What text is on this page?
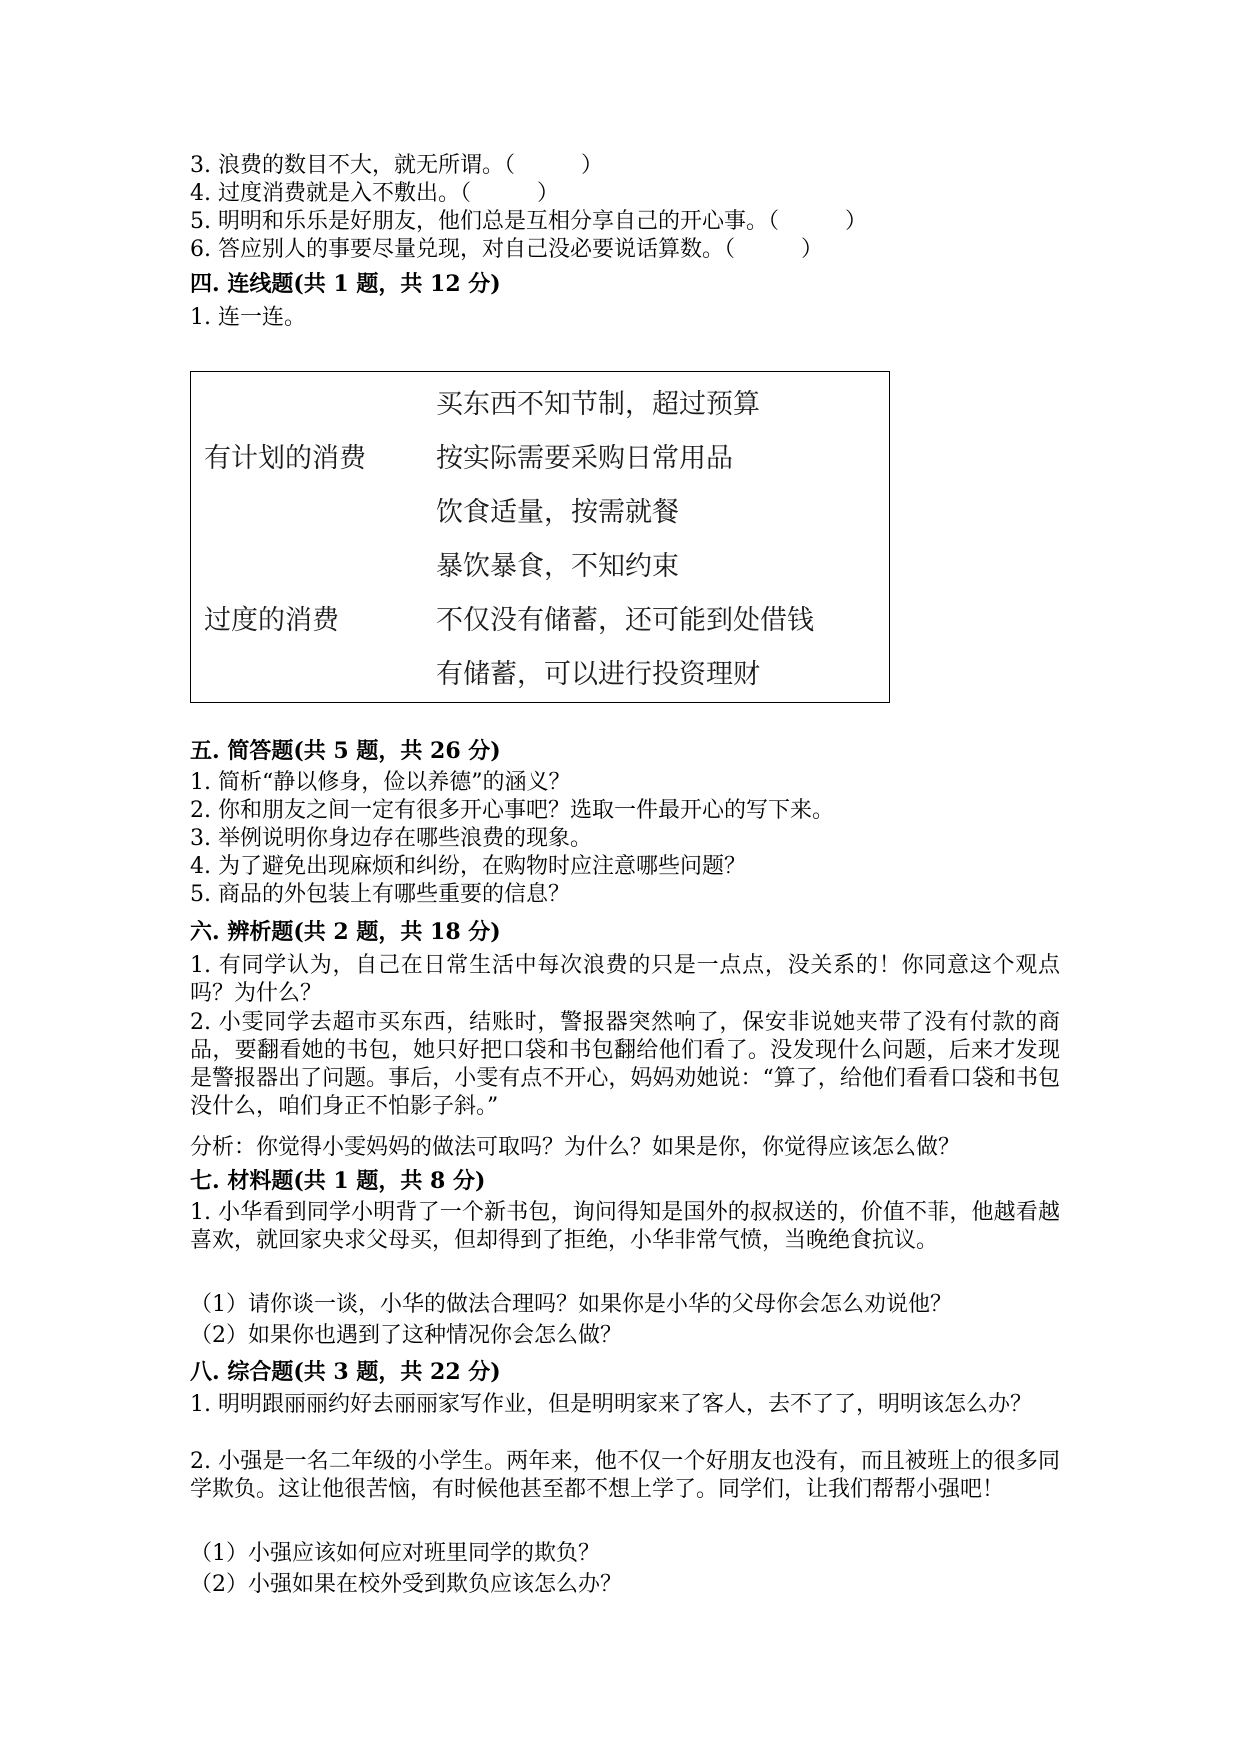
3. 浪费的数目不大，就无所谓。（　　　）
4. 过度消费就是入不敷出。（　　　）
5. 明明和乐乐是好朋友，他们总是互相分享自己的开心事。（　　　）
6. 答应别人的事要尽量兑现，对自己没必要说话算数。（　　　）
四. 连线题(共 1 题，共 12 分)
1. 连一连。
有计划的消费
过度的消费
买东西不知节制，超过预算
按实际需要采购日常用品
饮食适量，按需就餐
暴饮暴食，不知约束
不仅没有储蓄，还可能到处借钱
有储蓄，可以进行投资理财
五. 简答题(共 5 题，共 26 分)
1. 简析“静以修身，俭以养德”的涵义？
2. 你和朋友之间一定有很多开心事吧？选取一件最开心的写下来。
3. 举例说明你身边存在哪些浪费的现象。
4. 为了避免出现麻烦和纠纷，在购物时应注意哪些问题？
5. 商品的外包装上有哪些重要的信息？
六. 辨析题(共 2 题，共 18 分)
1. 有同学认为，自己在日常生活中每次浪费的只是一点点，没关系的！你同意这个观点吗？为什么？
2. 小雯同学去超市买东西，结账时，警报器突然响了，保安非说她夹带了没有付款的商品，要翻看她的书包，她只好把口袋和书包翻给他们看了。没发现什么问题，后来才发现是警报器出了问题。事后，小雯有点不开心，妈妈劝她说：“算了，给他们看看口袋和书包没什么，咱们身正不怕影子斜。”
分析：你觉得小雯妈妈的做法可取吗？为什么？如果是你，你觉得应该怎么做？
七. 材料题(共 1 题，共 8 分)
1. 小华看到同学小明背了一个新书包，询问得知是国外的叔叔送的，价值不菲，他越看越喜欢，就回家央求父母买，但却得到了拒绝，小华非常气愤，当晚绝食抗议。
（1）请你谈一谈，小华的做法合理吗？如果你是小华的父母你会怎么劝说他？
（2）如果你也遇到了这种情况你会怎么做？
八. 综合题(共 3 题，共 22 分)
1. 明明跟丽丽约好去丽丽家写作业，但是明明家来了客人，去不了了，明明该怎么办？
2. 小强是一名二年级的小学生。两年来，他不仅一个好朋友也没有，而且被班上的很多同学欺负。这让他很苦恼，有时候他甚至都不想上学了。同学们，让我们帮帮小强吧！
（1）小强应该如何应对班里同学的欺负？
（2）小强如果在校外受到欺负应该怎么办？
